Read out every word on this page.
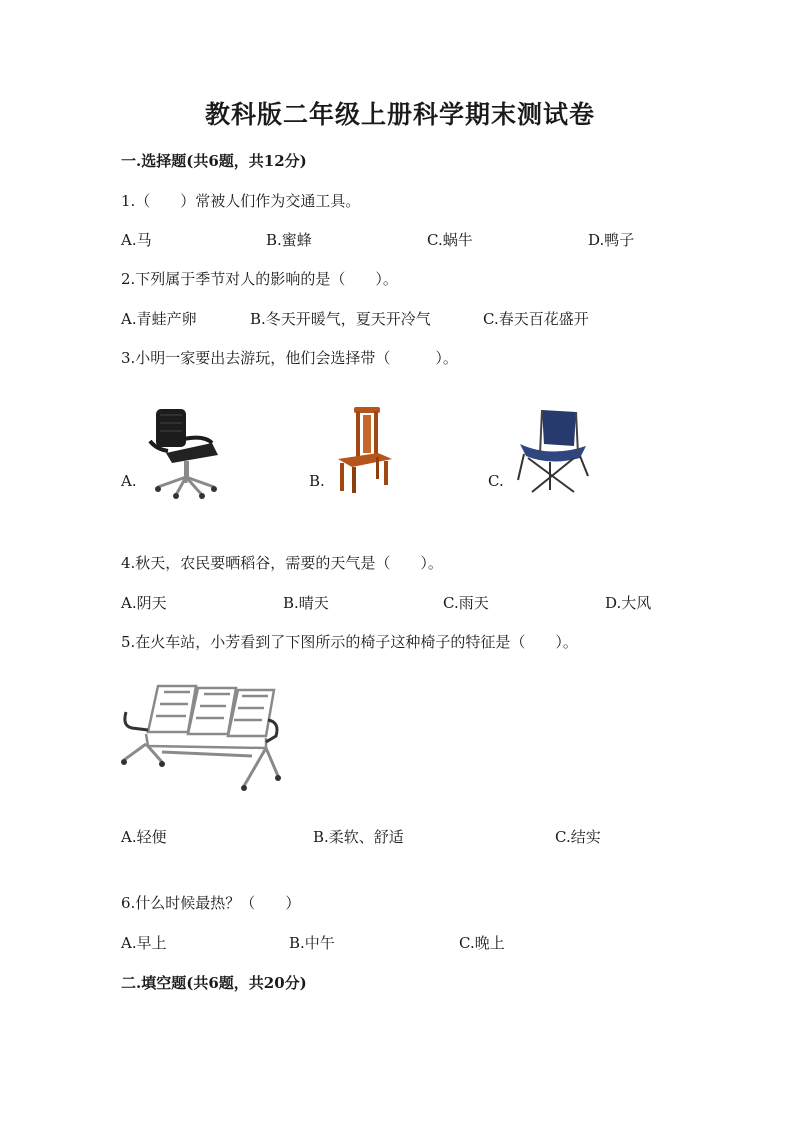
教科版二年级上册科学期末测试卷
一.选择题(共6题，共12分)
1.（　　）常被人们作为交通工具。
A.马	B.蜜蜂	C.蜗牛	D.鸭子
2.下列属于季节对人的影响的是（　　）。
A.青蛙产卵	B.冬天开暖气，夏天开冷气	C.春天百花盛开
3.小明一家要出去游玩，他们会选择带（　　　）。
A.	B.	C.
4.秋天，农民要晒稻谷，需要的天气是（　　）。
A.阴天	B.晴天	C.雨天	D.大风
5.在火车站，小芳看到了下图所示的椅子这种椅子的特征是（　　）。
A.轻便	B.柔软、舒适	C.结实
6.什么时候最热？（　　）
A.早上	B.中午	C.晚上
二.填空题(共6题，共20分)
